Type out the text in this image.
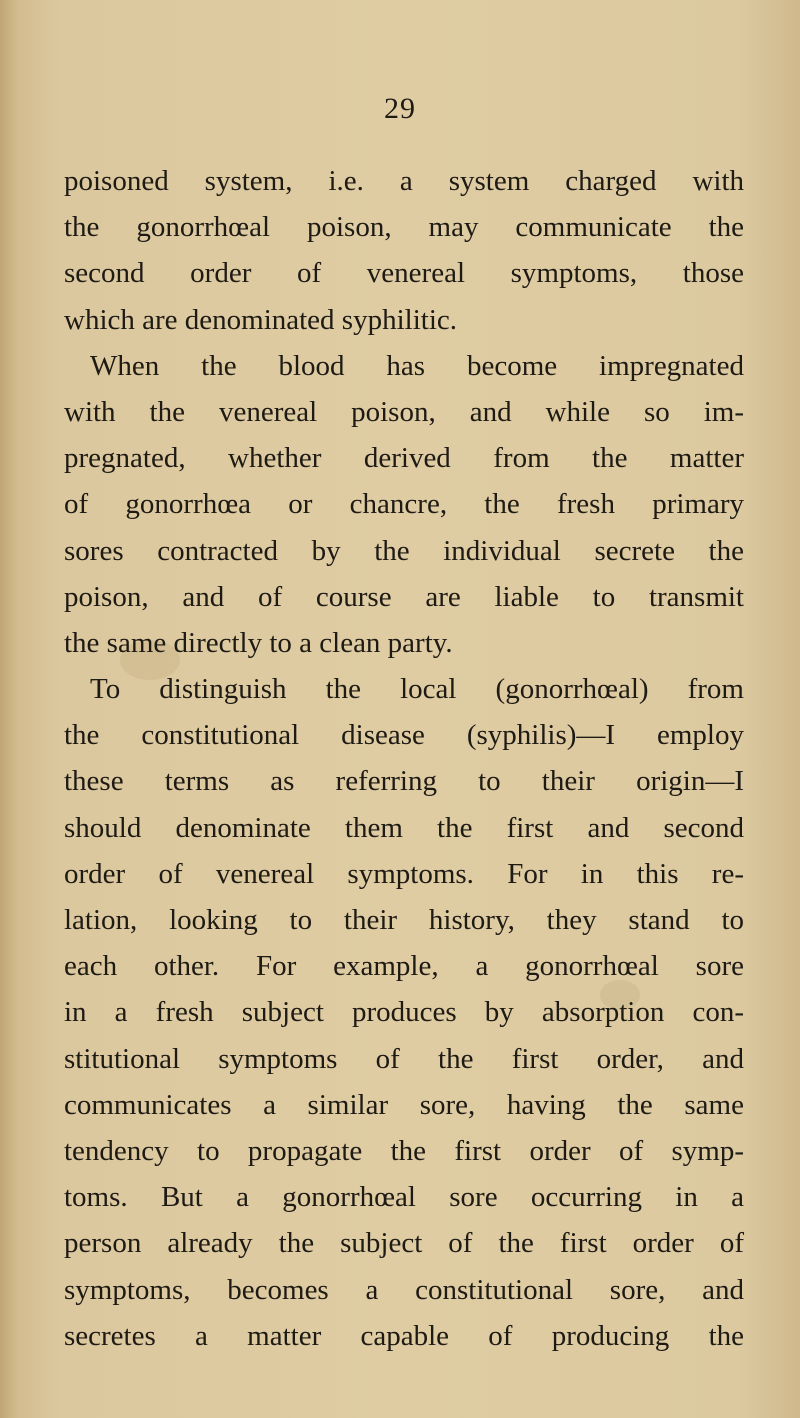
29
poisoned system, i.e. a system charged with
the gonorrhœal poison, may communicate the
second order of venereal symptoms, those
which are denominated syphilitic.
When the blood has become impregnated
with the venereal poison, and while so im-
pregnated, whether derived from the matter
of gonorrhœa or chancre, the fresh primary
sores contracted by the individual secrete the
poison, and of course are liable to transmit
the same directly to a clean party.
To distinguish the local (gonorrhœal) from
the constitutional disease (syphilis)—I employ
these terms as referring to their origin—I
should denominate them the first and second
order of venereal symptoms. For in this re-
lation, looking to their history, they stand to
each other. For example, a gonorrhœal sore
in a fresh subject produces by absorption con-
stitutional symptoms of the first order, and
communicates a similar sore, having the same
tendency to propagate the first order of symp-
toms. But a gonorrhœal sore occurring in a
person already the subject of the first order of
symptoms, becomes a constitutional sore, and
secretes a matter capable of producing the
